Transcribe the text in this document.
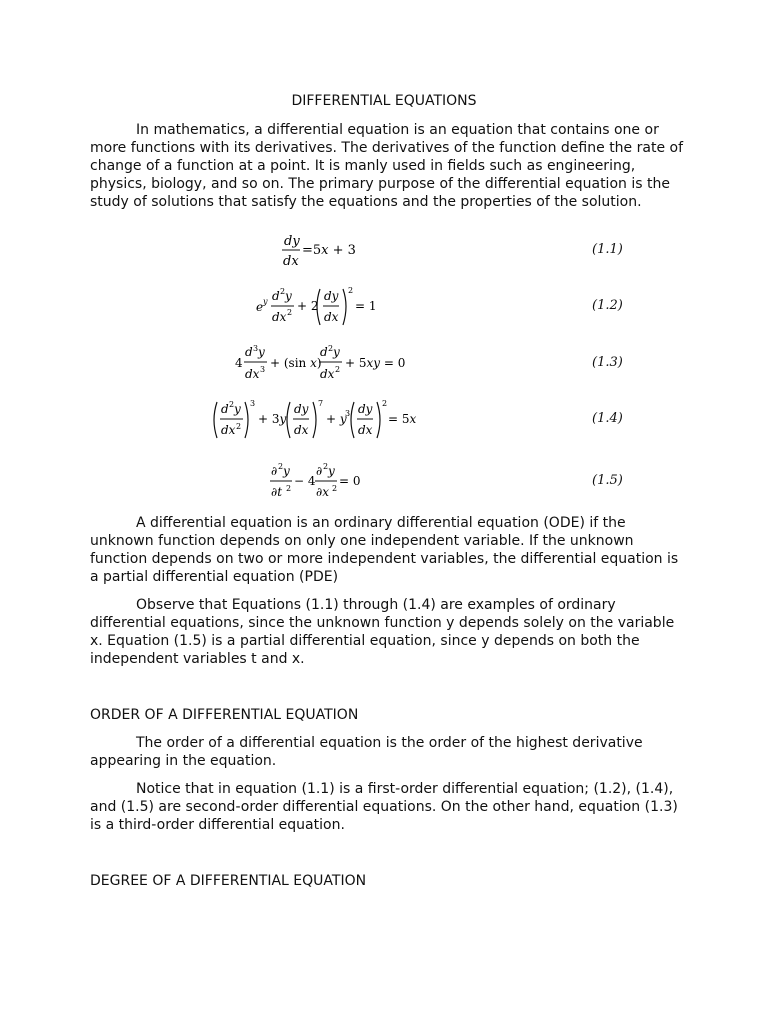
DIFFERENTIAL EQUATIONS
In mathematics, a differential equation is an equation that contains one or more functions with its derivatives. The derivatives of the function define the rate of change of a function at a point. It is manly used in fields such as engineering, physics, biology, and so on. The primary purpose of the differential equation is the study of solutions that satisfy the equations and the properties of the solution.
dy
dx
=5x + 3	(1.1)
e y d 2 y
dx 2 + 2
dy
dx
2
= 1	(1.2)
4
d 3 y
dx 3 + (sin x)
d 2 y
dx 2 + 5xy = 0	(1.3)
d 2 y
dx 2
3
+ 3y
dy
dx
7
+ y
3 dy
dx
2
= 5x	(1.4)
∂ 2 y
∂t 2
− 4
∂ 2 y
∂x 2
= 0	(1.5)
A differential equation is an ordinary differential equation (ODE) if the unknown function depends on only one independent variable. If the unknown function depends on two or more independent variables, the differential equation is a partial differential equation (PDE)
Observe that Equations (1.1) through (1.4) are examples of ordinary differential equations, since the unknown function y depends solely on the variable x. Equation (1.5) is a partial differential equation, since y depends on both the independent variables t and x.
ORDER OF A DIFFERENTIAL EQUATION
The order of a differential equation is the order of the highest derivative appearing in the equation.
Notice that in equation (1.1) is a first-order differential equation; (1.2), (1.4), and (1.5) are second-order differential equations. On the other hand, equation (1.3) is a third-order differential equation.
DEGREE OF A DIFFERENTIAL EQUATION
